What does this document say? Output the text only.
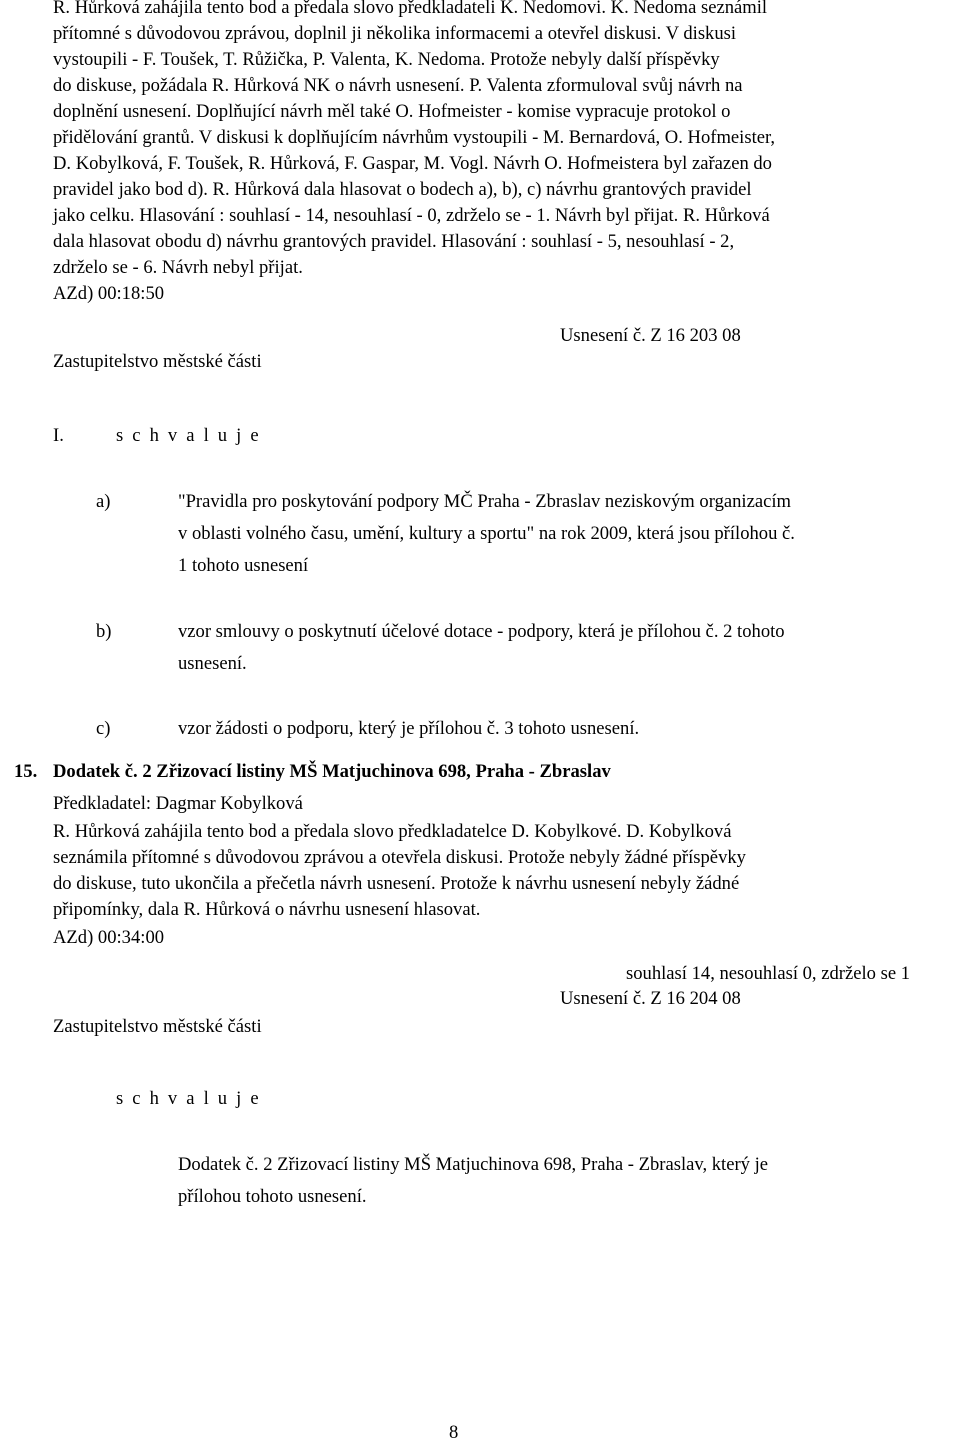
R. Hůrková zahájila tento bod a předala slovo předkladateli K. Nedomovi. K. Nedoma seznámil
přítomné s důvodovou zprávou, doplnil ji několika informacemi a otevřel diskusi. V diskusi
vystoupili - F. Toušek, T. Růžička, P. Valenta, K. Nedoma. Protože nebyly další příspěvky
do diskuse, požádala R. Hůrková NK o návrh usnesení. P. Valenta zformuloval svůj návrh na
doplnění usnesení. Doplňující návrh měl také O. Hofmeister - komise vypracuje protokol o
přidělování grantů. V diskusi k doplňujícím návrhům vystoupili - M. Bernardová, O. Hofmeister,
D. Kobylková, F. Toušek, R. Hůrková, F. Gaspar, M. Vogl. Návrh O. Hofmeistera byl zařazen do
pravidel jako bod d). R. Hůrková dala hlasovat o bodech a), b), c) návrhu grantových pravidel
jako celku. Hlasování : souhlasí - 14, nesouhlasí - 0, zdrželo se - 1. Návrh byl přijat. R. Hůrková
dala hlasovat obodu d) návrhu grantových pravidel. Hlasování : souhlasí - 5, nesouhlasí - 2,
zdrželo se - 6. Návrh nebyl přijat.
AZd) 00:18:50
Usnesení č. Z 16 203 08
Zastupitelstvo městské části
I.	s c h v a l u j e
a)	"Pravidla pro poskytování podpory MČ Praha - Zbraslav neziskovým organizacím
v oblasti volného času, umění, kultury a sportu" na rok 2009, která jsou přílohou č.
1 tohoto usnesení
b)	vzor smlouvy o poskytnutí účelové dotace - podpory, která je přílohou č. 2 tohoto
usnesení.
c)	vzor žádosti o podporu, který je přílohou č. 3 tohoto usnesení.
15. Dodatek č. 2 Zřizovací listiny MŠ Matjuchinova 698, Praha - Zbraslav
Předkladatel: Dagmar Kobylková
R. Hůrková zahájila tento bod a předala slovo předkladatelce D. Kobylkové. D. Kobylková
seznámila přítomné s důvodovou zprávou a otevřela diskusi. Protože nebyly žádné příspěvky
do diskuse, tuto ukončila a přečetla návrh usnesení. Protože k návrhu usnesení nebyly žádné
připomínky, dala R. Hůrková o návrhu usnesení hlasovat.
AZd) 00:34:00
souhlasí 14, nesouhlasí 0, zdrželo se 1
Usnesení č. Z 16 204 08
Zastupitelstvo městské části
s c h v a l u j e
Dodatek č. 2 Zřizovací listiny MŠ Matjuchinova 698, Praha - Zbraslav, který je
přílohou tohoto usnesení.
8
